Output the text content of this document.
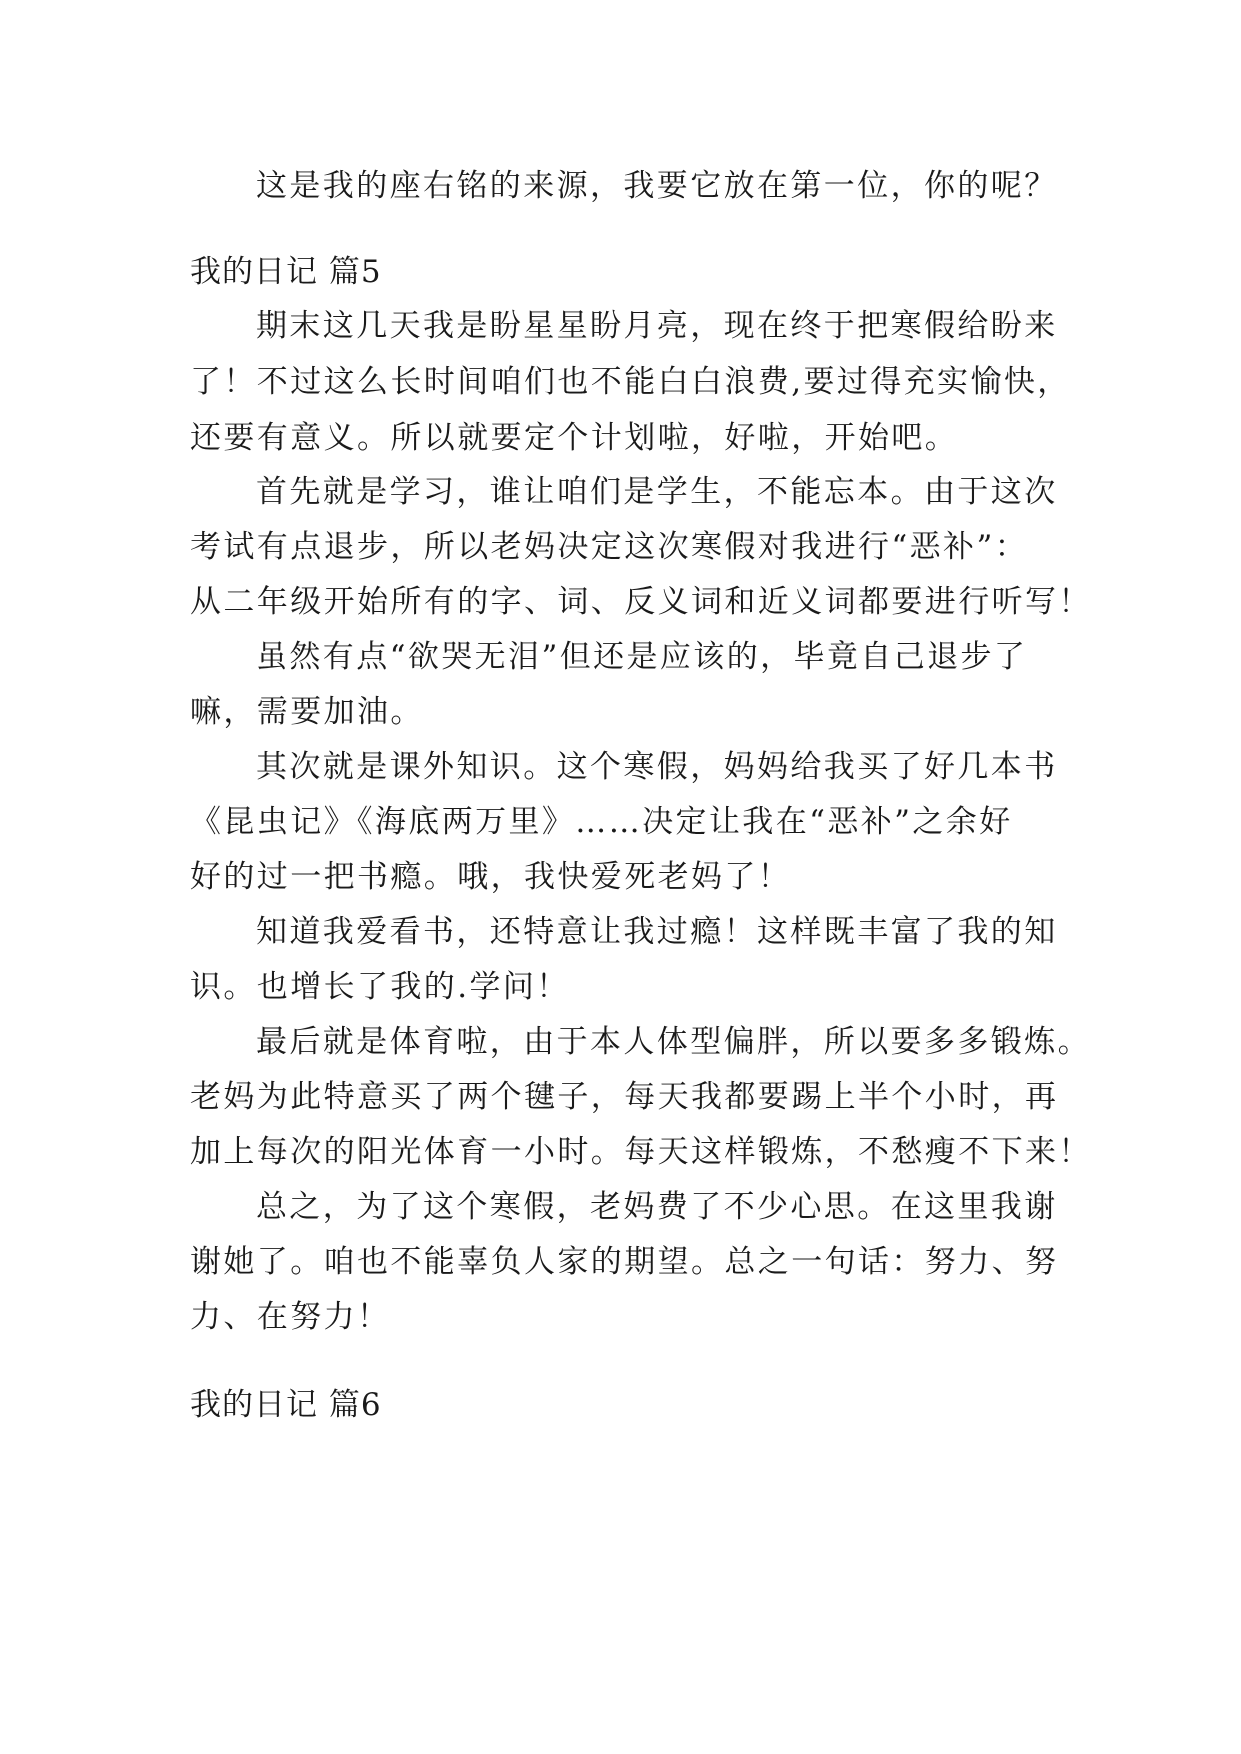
这是我的座右铭的来源，我要它放在第一位，你的呢？
我的日记 篇5
期末这几天我是盼星星盼月亮，现在终于把寒假给盼来
了！不过这么长时间咱们也不能白白浪费,要过得充实愉快，
还要有意义。所以就要定个计划啦，好啦，开始吧。
首先就是学习，谁让咱们是学生，不能忘本。由于这次
考试有点退步，所以老妈决定这次寒假对我进行“恶补”：
从二年级开始所有的字、词、反义词和近义词都要进行听写！
虽然有点“欲哭无泪”但还是应该的，毕竟自己退步了
嘛，需要加油。
其次就是课外知识。这个寒假，妈妈给我买了好几本书
《昆虫记》《海底两万里》……决定让我在“恶补”之余好
好的过一把书瘾。哦，我快爱死老妈了！
知道我爱看书，还特意让我过瘾！这样既丰富了我的知
识。也增长了我的.学问！
最后就是体育啦，由于本人体型偏胖，所以要多多锻炼。
老妈为此特意买了两个毽子，每天我都要踢上半个小时，再
加上每次的阳光体育一小时。每天这样锻炼，不愁瘦不下来！
总之，为了这个寒假，老妈费了不少心思。在这里我谢
谢她了。咱也不能辜负人家的期望。总之一句话：努力、努
力、在努力！
我的日记 篇6
